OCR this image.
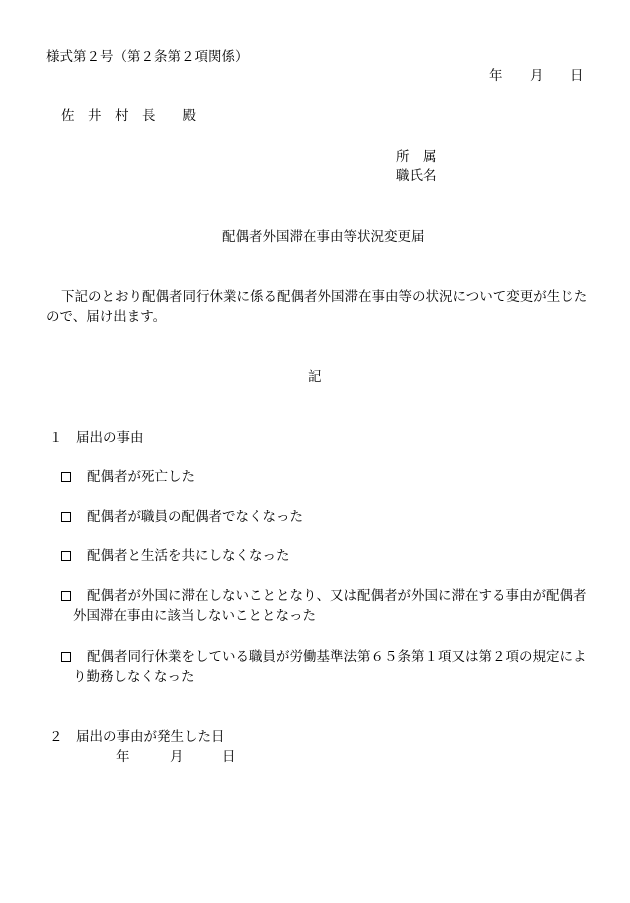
様式第２号（第２条第２項関係）
年 月 日
佐　井　村　長　　殿
所　属
職氏名
配偶者外国滞在事由等状況変更届
下記のとおり配偶者同行休業に係る配偶者外国滞在事由等の状況について変更が生じた
ので、届け出ます。
記
１　届出の事由
配偶者が死亡した
配偶者が職員の配偶者でなくなった
配偶者と生活を共にしなくなった
配偶者が外国に滞在しないこととなり、又は配偶者が外国に滞在する事由が配偶者
外国滞在事由に該当しないこととなった
配偶者同行休業をしている職員が労働基準法第６５条第１項又は第２項の規定によ
り勤務しなくなった
２　届出の事由が発生した日
年	月	日
